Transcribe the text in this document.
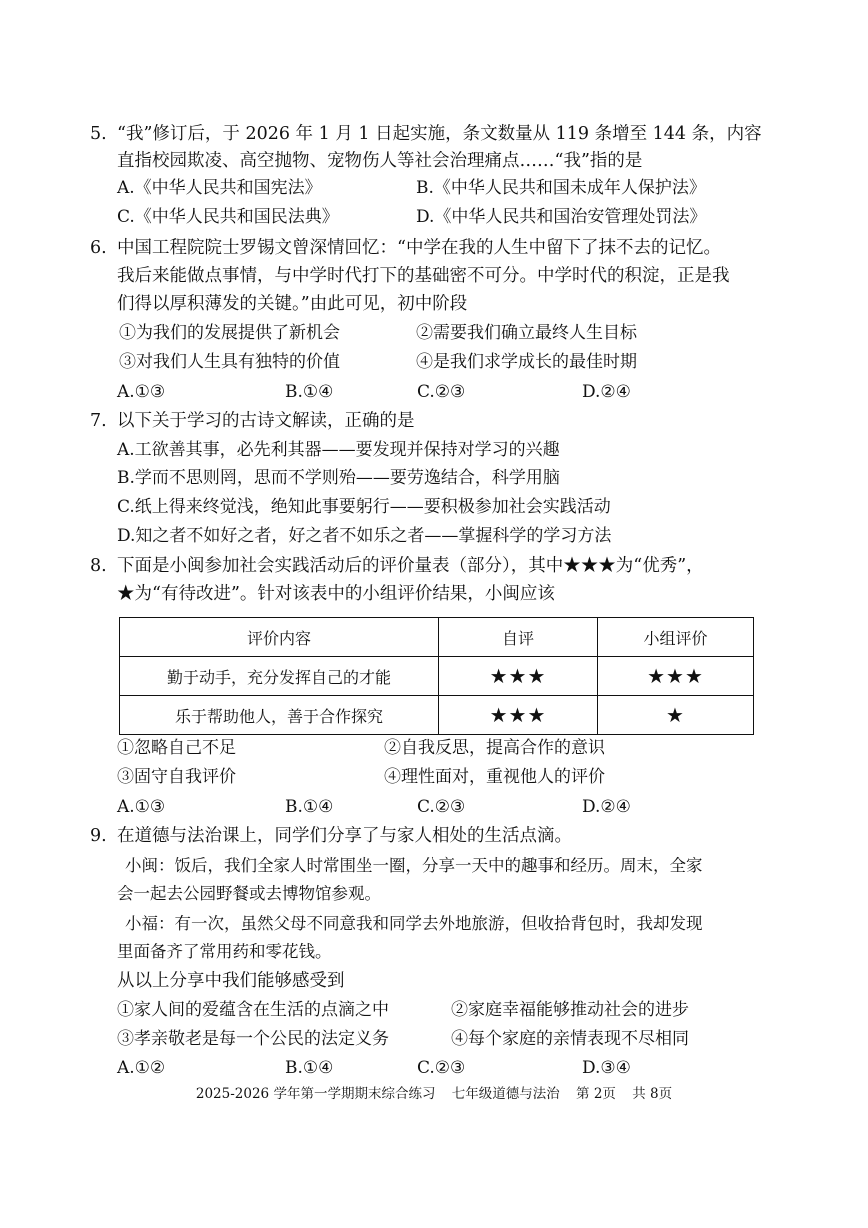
5. “我”修订后，于 2026 年 1 月 1 日起实施，条文数量从 119 条增至 144 条，内容
直指校园欺凌、高空抛物、宠物伤人等社会治理痛点……“我”指的是
A.《中华人民共和国宪法》	B.《中华人民共和国未成年人保护法》
C.《中华人民共和国民法典》	D.《中华人民共和国治安管理处罚法》
6. 中国工程院院士罗锡文曾深情回忆：“中学在我的人生中留下了抹不去的记忆。
我后来能做点事情，与中学时代打下的基础密不可分。中学时代的积淀，正是我
们得以厚积薄发的关键。”由此可见，初中阶段
①为我们的发展提供了新机会	②需要我们确立最终人生目标
③对我们人生具有独特的价值	④是我们求学成长的最佳时期
A.①③	B.①④	C.②③	D.②④
7. 以下关于学习的古诗文解读，正确的是
A.工欲善其事，必先利其器——要发现并保持对学习的兴趣
B.学而不思则罔，思而不学则殆——要劳逸结合，科学用脑
C.纸上得来终觉浅，绝知此事要躬行——要积极参加社会实践活动
D.知之者不如好之者，好之者不如乐之者——掌握科学的学习方法
8. 下面是小闽参加社会实践活动后的评价量表（部分），其中★★★为“优秀”，
★为“有待改进”。针对该表中的小组评价结果，小闽应该
评价内容	自评	小组评价
勤于动手，充分发挥自己的才能	★★★	★★★
乐于帮助他人，善于合作探究	★★★	★
①忽略自己不足	②自我反思，提高合作的意识
③固守自我评价	④理性面对，重视他人的评价
A.①③	B.①④	C.②③	D.②④
9. 在道德与法治课上，同学们分享了与家人相处的生活点滴。
小闽：饭后，我们全家人时常围坐一圈，分享一天中的趣事和经历。周末，全家
会一起去公园野餐或去博物馆参观。
小福：有一次，虽然父母不同意我和同学去外地旅游，但收拾背包时，我却发现
里面备齐了常用药和零花钱。
从以上分享中我们能够感受到
①家人间的爱蕴含在生活的点滴之中	②家庭幸福能够推动社会的进步
③孝亲敬老是每一个公民的法定义务	④每个家庭的亲情表现不尽相同
A.①②	B.①④	C.②③	D.③④
2025-2026 学年第一学期期末综合练习 七年级道德与法治 第 2页 共 8页
